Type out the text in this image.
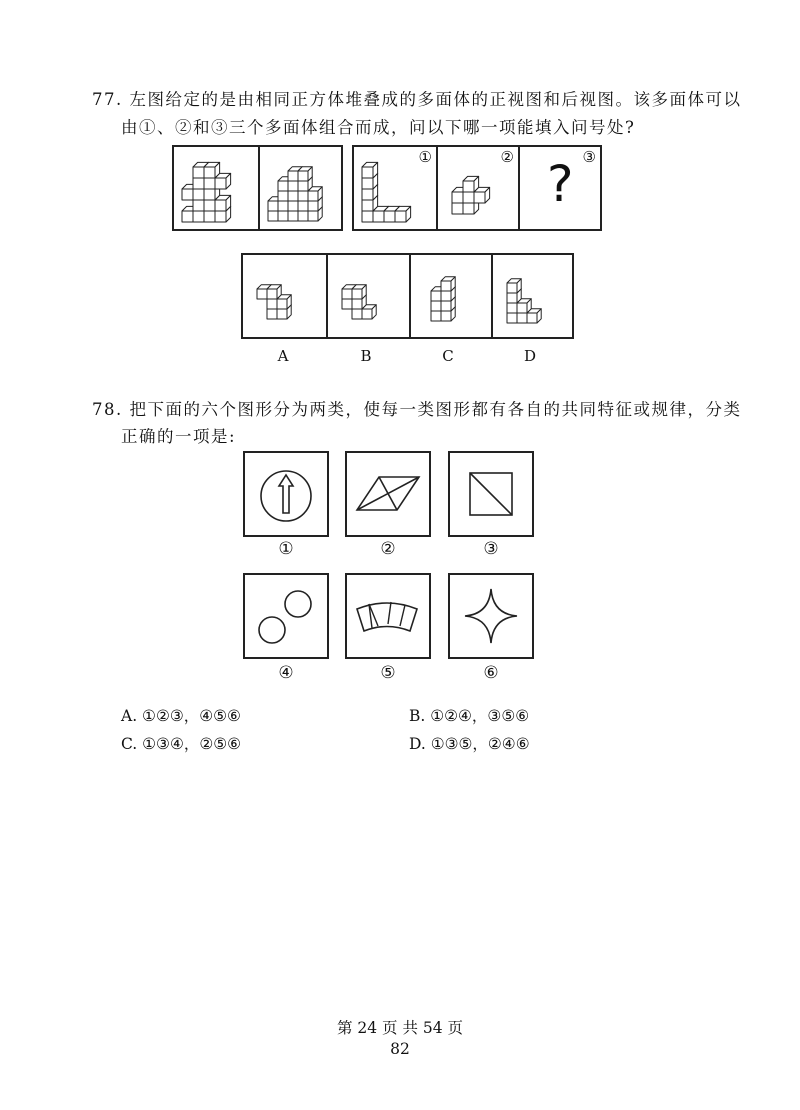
77. 左图给定的是由相同正方体堆叠成的多面体的正视图和后视图。该多面体可以
由①、②和③三个多面体组合而成，问以下哪一项能填入问号处?
①	②	③
?
A	B	C	D
78. 把下面的六个图形分为两类，使每一类图形都有各自的共同特征或规律，分类
正确的一项是:
①	②	③
④	⑤	⑥
A. ①②③，④⑤⑥	B. ①②④，③⑤⑥
C. ①③④，②⑤⑥	D. ①③⑤，②④⑥
第 24 页 共 54 页
82
